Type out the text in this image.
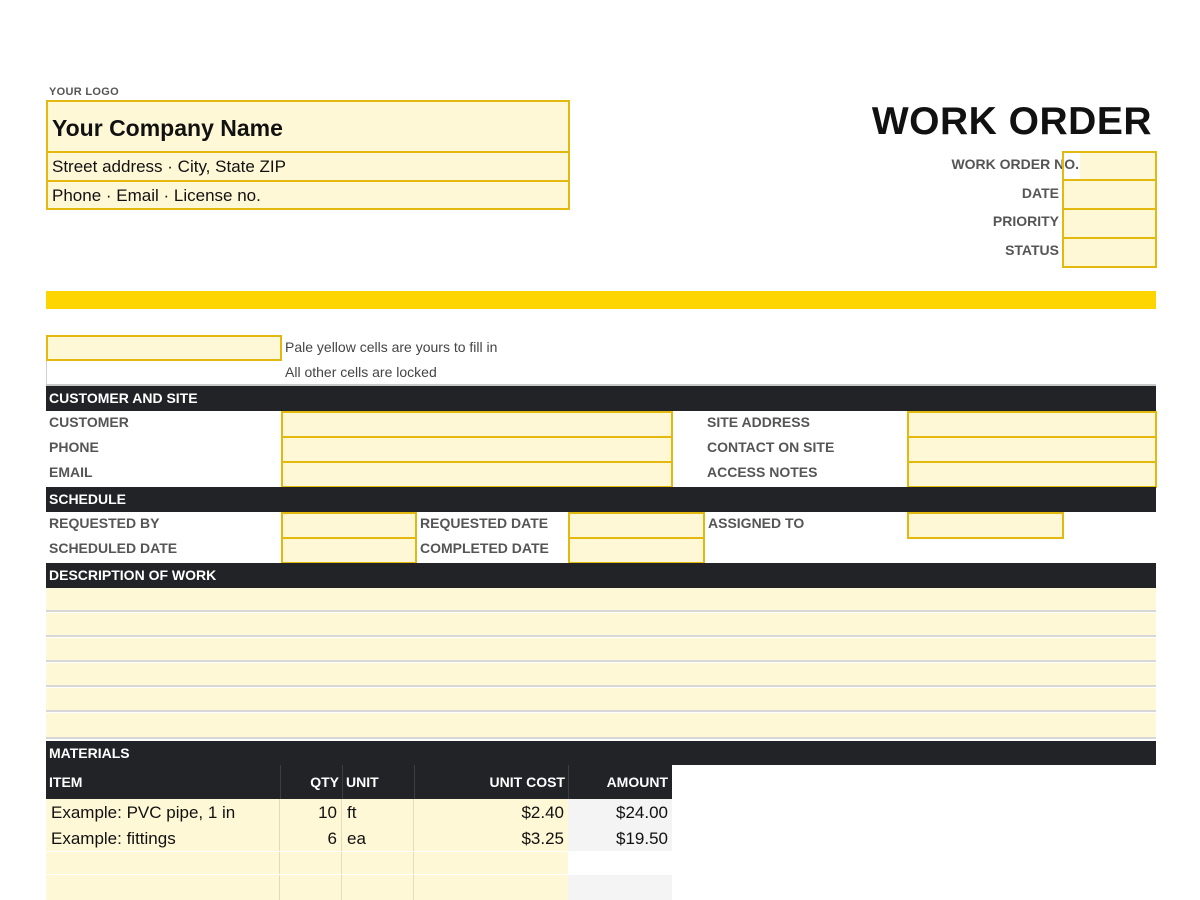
YOUR LOGO
Your Company Name
Street address · City, State ZIP
Phone · Email · License no.
WORK ORDER
WORK ORDER NO.
DATE
PRIORITY
STATUS
Pale yellow cells are yours to fill in
All other cells are locked
CUSTOMER AND SITE
CUSTOMER
PHONE
EMAIL
SITE ADDRESS
CONTACT ON SITE
ACCESS NOTES
SCHEDULE
REQUESTED BY
SCHEDULED DATE
REQUESTED DATE
COMPLETED DATE
ASSIGNED TO
DESCRIPTION OF WORK
MATERIALS
ITEM	QTY UNIT	UNIT COST	AMOUNT
Example: PVC pipe, 1 in	10 ft	$2.40	$24.00
Example: fittings	6 ea	$3.25	$19.50
